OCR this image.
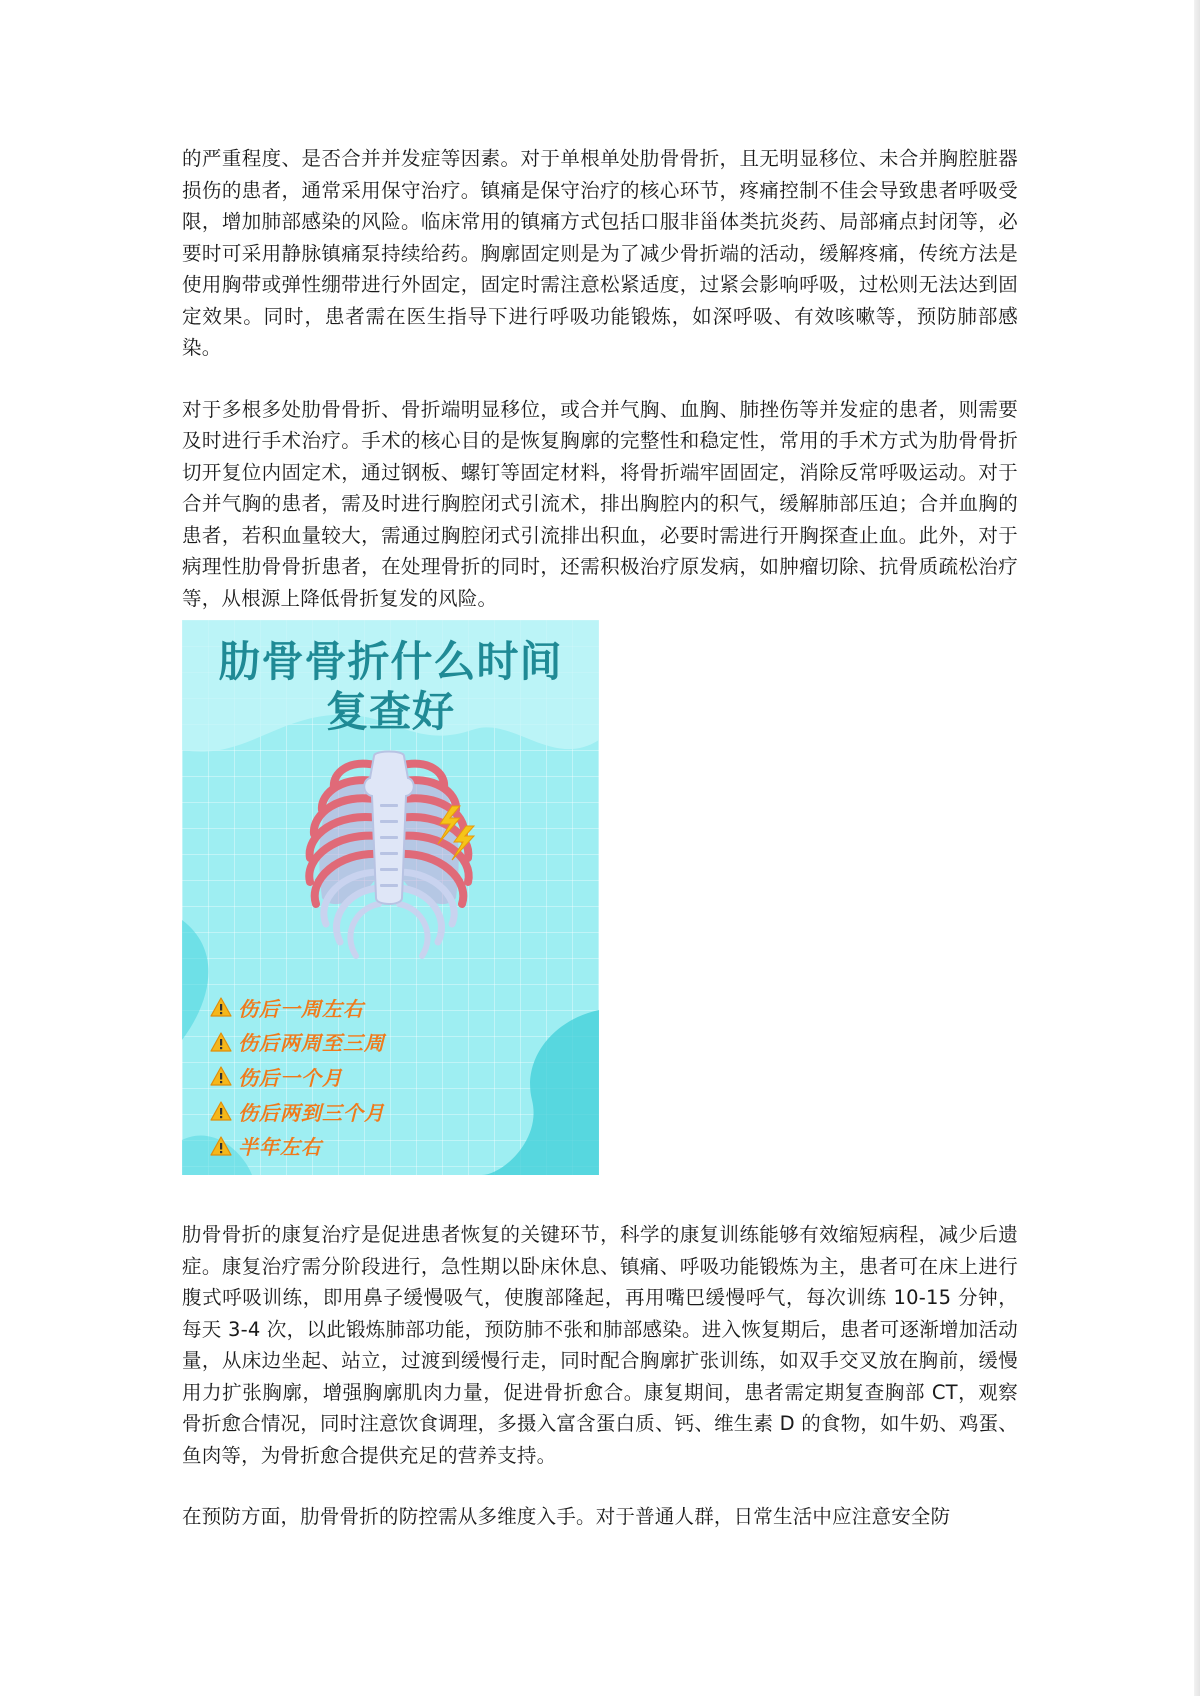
的严重程度、是否合并并发症等因素。对于单根单处肋骨骨折，且无明显移位、未合并胸腔脏器损伤的患者，通常采用保守治疗。镇痛是保守治疗的核心环节，疼痛控制不佳会导致患者呼吸受限，增加肺部感染的风险。临床常用的镇痛方式包括口服非甾体类抗炎药、局部痛点封闭等，必要时可采用静脉镇痛泵持续给药。胸廓固定则是为了减少骨折端的活动，缓解疼痛，传统方法是使用胸带或弹性绷带进行外固定，固定时需注意松紧适度，过紧会影响呼吸，过松则无法达到固定效果。同时，患者需在医生指导下进行呼吸功能锻炼，如深呼吸、有效咳嗽等，预防肺部感染。

对于多根多处肋骨骨折、骨折端明显移位，或合并气胸、血胸、肺挫伤等并发症的患者，则需要及时进行手术治疗。手术的核心目的是恢复胸廓的完整性和稳定性，常用的手术方式为肋骨骨折切开复位内固定术，通过钢板、螺钉等固定材料，将骨折端牢固固定，消除反常呼吸运动。对于合并气胸的患者，需及时进行胸腔闭式引流术，排出胸腔内的积气，缓解肺部压迫；合并血胸的患者，若积血量较大，需通过胸腔闭式引流排出积血，必要时需进行开胸探查止血。此外，对于病理性肋骨骨折患者，在处理骨折的同时，还需积极治疗原发病，如肿瘤切除、抗骨质疏松治疗等，从根源上降低骨折复发的风险。

肋骨骨折什么时间
复查好
伤后一周左右
伤后两周至三周
伤后一个月
伤后两到三个月
半年左右

肋骨骨折的康复治疗是促进患者恢复的关键环节，科学的康复训练能够有效缩短病程，减少后遗症。康复治疗需分阶段进行，急性期以卧床休息、镇痛、呼吸功能锻炼为主，患者可在床上进行腹式呼吸训练，即用鼻子缓慢吸气，使腹部隆起，再用嘴巴缓慢呼气，每次训练 10-15 分钟，每天 3-4 次，以此锻炼肺部功能，预防肺不张和肺部感染。进入恢复期后，患者可逐渐增加活动量，从床边坐起、站立，过渡到缓慢行走，同时配合胸廓扩张训练，如双手交叉放在胸前，缓慢用力扩张胸廓，增强胸廓肌肉力量，促进骨折愈合。康复期间，患者需定期复查胸部 CT，观察骨折愈合情况，同时注意饮食调理，多摄入富含蛋白质、钙、维生素 D 的食物，如牛奶、鸡蛋、鱼肉等，为骨折愈合提供充足的营养支持。

在预防方面，肋骨骨折的防控需从多维度入手。对于普通人群，日常生活中应注意安全防
